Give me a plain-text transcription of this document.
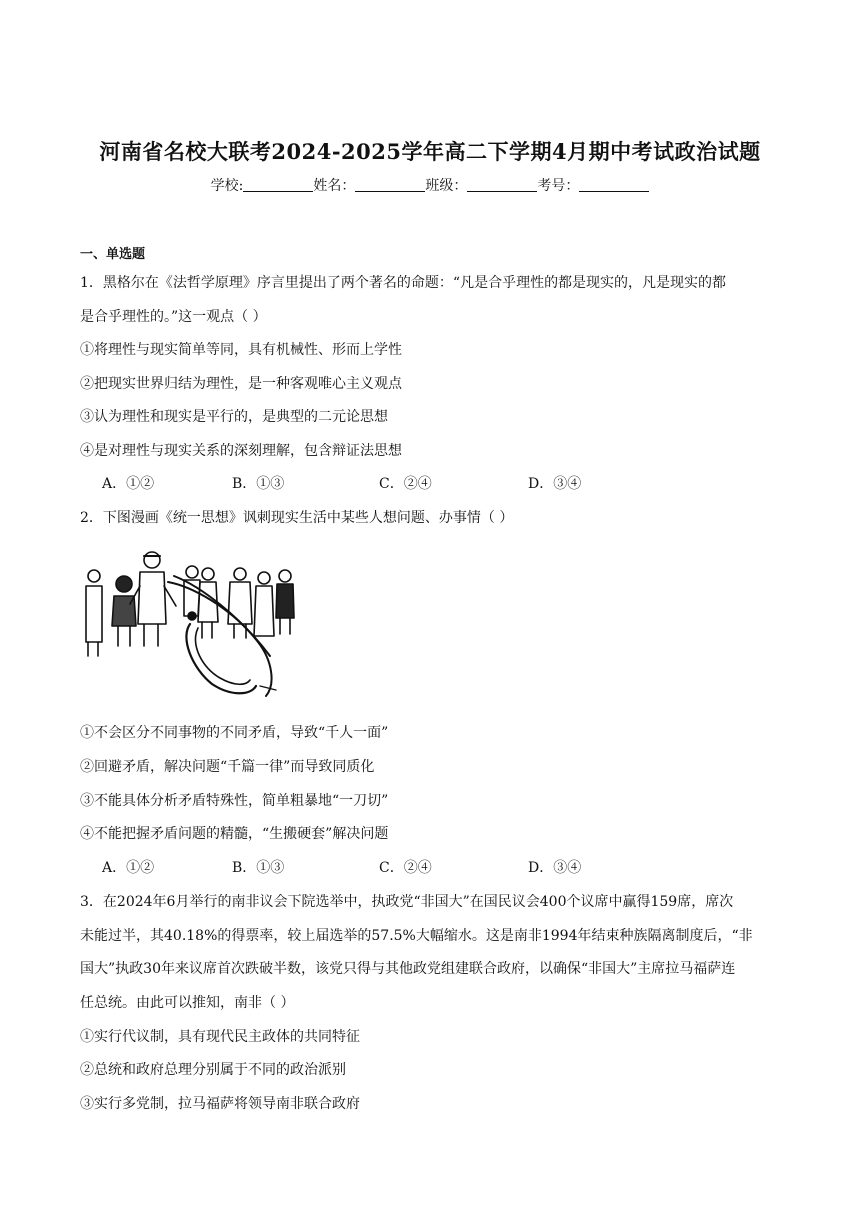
河南省名校大联考2024-2025学年高二下学期4月期中考试政治试题
学校:	姓名：	班级：	考号：
一、单选题
1．黑格尔在《法哲学原理》序言里提出了两个著名的命题：“凡是合乎理性的都是现实的，凡是现实的都
是合乎理性的。”这一观点（ ）
①将理性与现实简单等同，具有机械性、形而上学性
②把现实世界归结为理性，是一种客观唯心主义观点
③认为理性和现实是平行的，是典型的二元论思想
④是对理性与现实关系的深刻理解，包含辩证法思想
A．①②	B．①③	C．②④	D．③④
2．下图漫画《统一思想》讽刺现实生活中某些人想问题、办事情（ ）
①不会区分不同事物的不同矛盾，导致“千人一面”
②回避矛盾，解决问题“千篇一律”而导致同质化
③不能具体分析矛盾特殊性，简单粗暴地“一刀切”
④不能把握矛盾问题的精髓，“生搬硬套”解决问题
A．①②	B．①③	C．②④	D．③④
3．在2024年6月举行的南非议会下院选举中，执政党“非国大”在国民议会400个议席中赢得159席，席次
未能过半，其40.18%的得票率，较上届选举的57.5%大幅缩水。这是南非1994年结束种族隔离制度后，“非
国大”执政30年来议席首次跌破半数，该党只得与其他政党组建联合政府，以确保“非国大”主席拉马福萨连
任总统。由此可以推知，南非（ ）
①实行代议制，具有现代民主政体的共同特征
②总统和政府总理分别属于不同的政治派别
③实行多党制，拉马福萨将领导南非联合政府
